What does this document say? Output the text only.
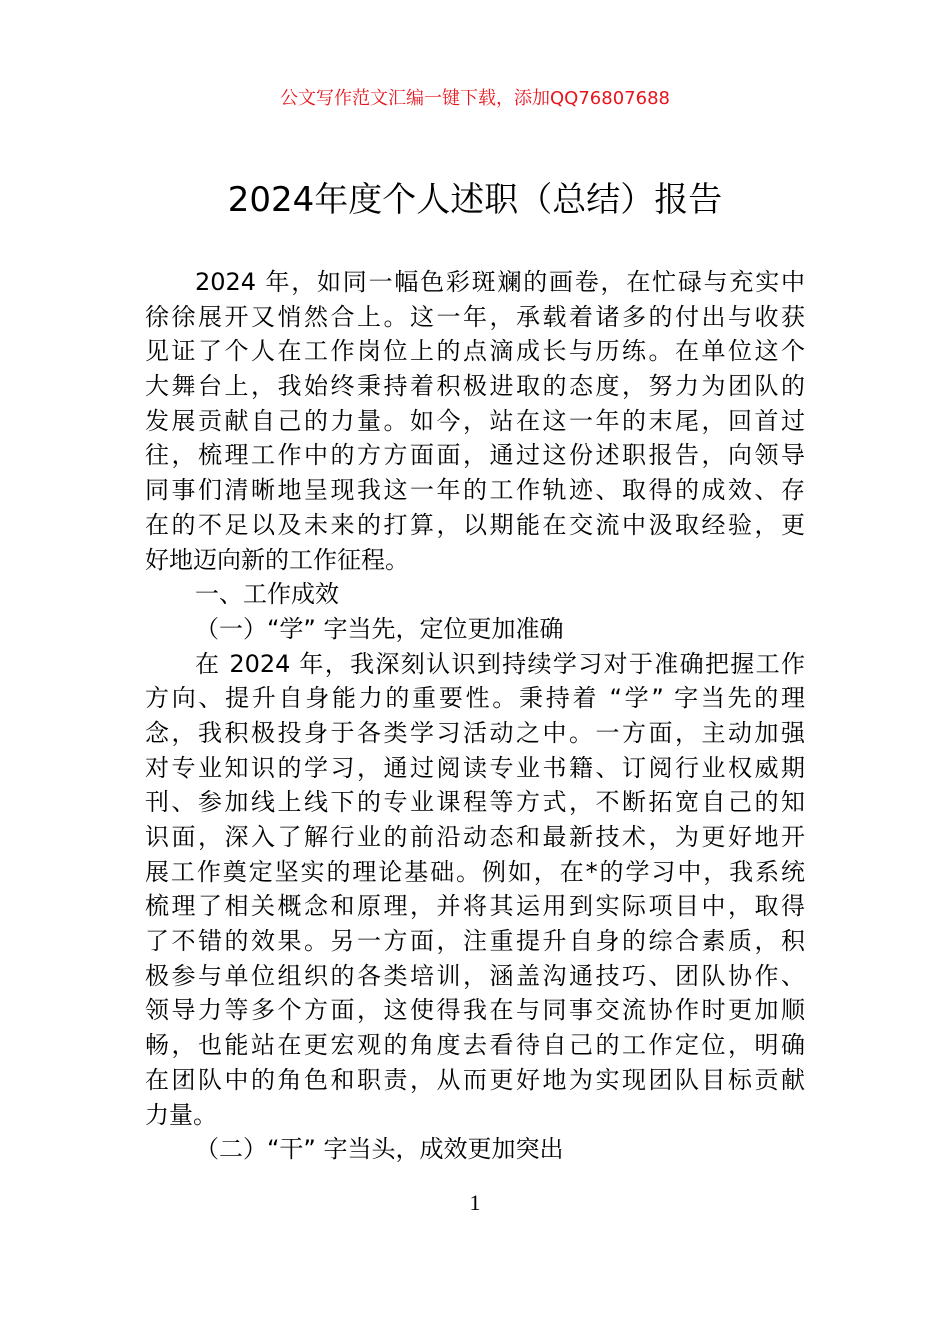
公文写作范文汇编一键下载，添加QQ76807688
2024年度个人述职（总结）报告
2024 年，如同一幅色彩斑斓的画卷，在忙碌与充实中
徐徐展开又悄然合上。这一年，承载着诸多的付出与收获
见证了个人在工作岗位上的点滴成长与历练。在单位这个
大舞台上，我始终秉持着积极进取的态度，努力为团队的
发展贡献自己的力量。如今，站在这一年的末尾，回首过
往，梳理工作中的方方面面，通过这份述职报告，向领导
同事们清晰地呈现我这一年的工作轨迹、取得的成效、存
在的不足以及未来的打算，以期能在交流中汲取经验，更
好地迈向新的工作征程。
一、工作成效
（一）“学” 字当先，定位更加准确
在 2024 年，我深刻认识到持续学习对于准确把握工作
方向、提升自身能力的重要性。秉持着 “学” 字当先的理
念，我积极投身于各类学习活动之中。一方面，主动加强
对专业知识的学习，通过阅读专业书籍、订阅行业权威期
刊、参加线上线下的专业课程等方式，不断拓宽自己的知
识面，深入了解行业的前沿动态和最新技术，为更好地开
展工作奠定坚实的理论基础。例如，在*的学习中，我系统
梳理了相关概念和原理，并将其运用到实际项目中，取得
了不错的效果。另一方面，注重提升自身的综合素质，积
极参与单位组织的各类培训，涵盖沟通技巧、团队协作、
领导力等多个方面，这使得我在与同事交流协作时更加顺
畅，也能站在更宏观的角度去看待自己的工作定位，明确
在团队中的角色和职责，从而更好地为实现团队目标贡献
力量。
（二）“干” 字当头，成效更加突出
1
